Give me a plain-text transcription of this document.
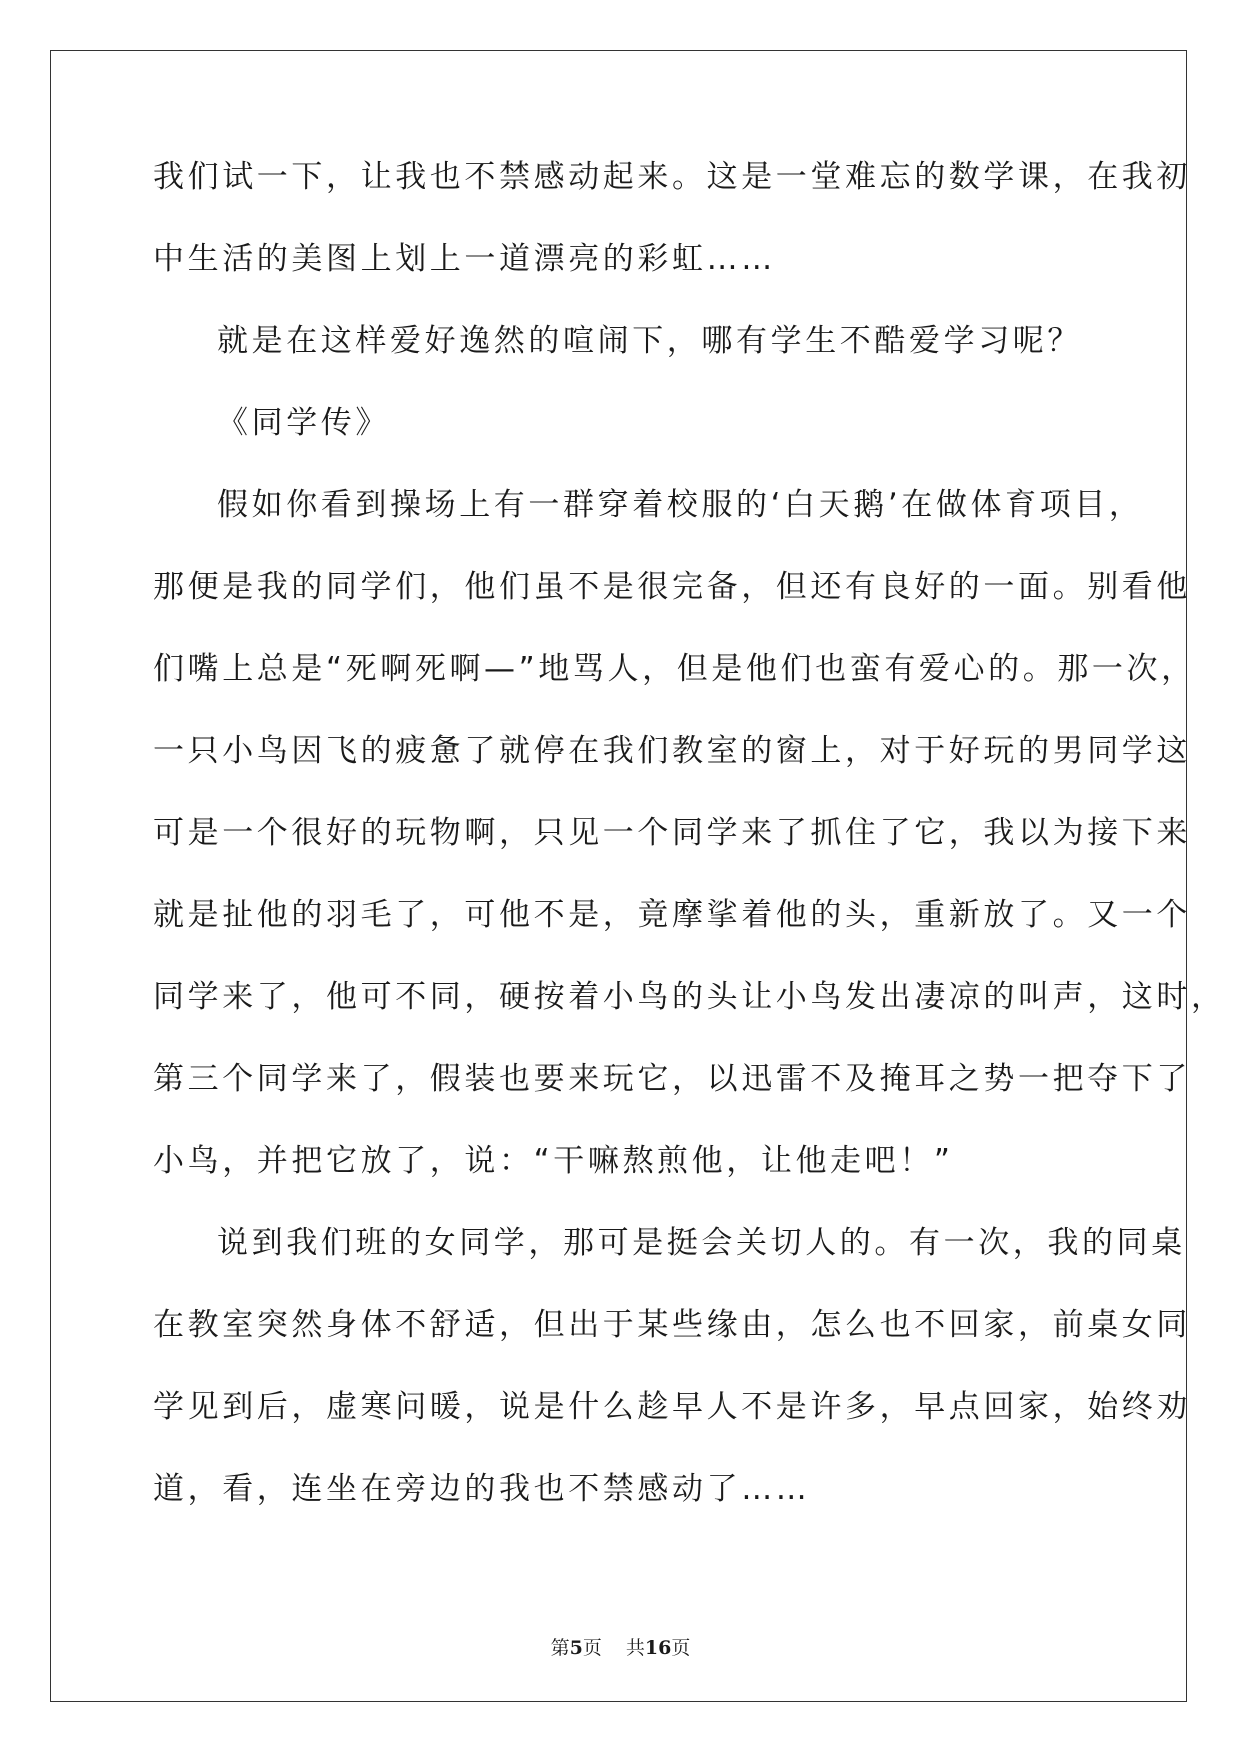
我们试一下，让我也不禁感动起来。这是一堂难忘的数学课，在我初
中生活的美图上划上一道漂亮的彩虹……
就是在这样爱好逸然的喧闹下，哪有学生不酷爱学习呢？
《同学传》
假如你看到操场上有一群穿着校服的‘白天鹅’在做体育项目，
那便是我的同学们，他们虽不是很完备，但还有良好的一面。别看他
们嘴上总是“死啊死啊—”地骂人，但是他们也蛮有爱心的。那一次，
一只小鸟因飞的疲惫了就停在我们教室的窗上，对于好玩的男同学这
可是一个很好的玩物啊，只见一个同学来了抓住了它，我以为接下来
就是扯他的羽毛了，可他不是，竟摩挲着他的头，重新放了。又一个
同学来了，他可不同，硬按着小鸟的头让小鸟发出凄凉的叫声，这时，
第三个同学来了，假装也要来玩它，以迅雷不及掩耳之势一把夺下了
小鸟，并把它放了，说：“干嘛熬煎他，让他走吧！”
说到我们班的女同学，那可是挺会关切人的。有一次，我的同桌
在教室突然身体不舒适，但出于某些缘由，怎么也不回家，前桌女同
学见到后，虚寒问暖，说是什么趁早人不是许多，早点回家，始终劝
道，看，连坐在旁边的我也不禁感动了……
第5页 共16页
